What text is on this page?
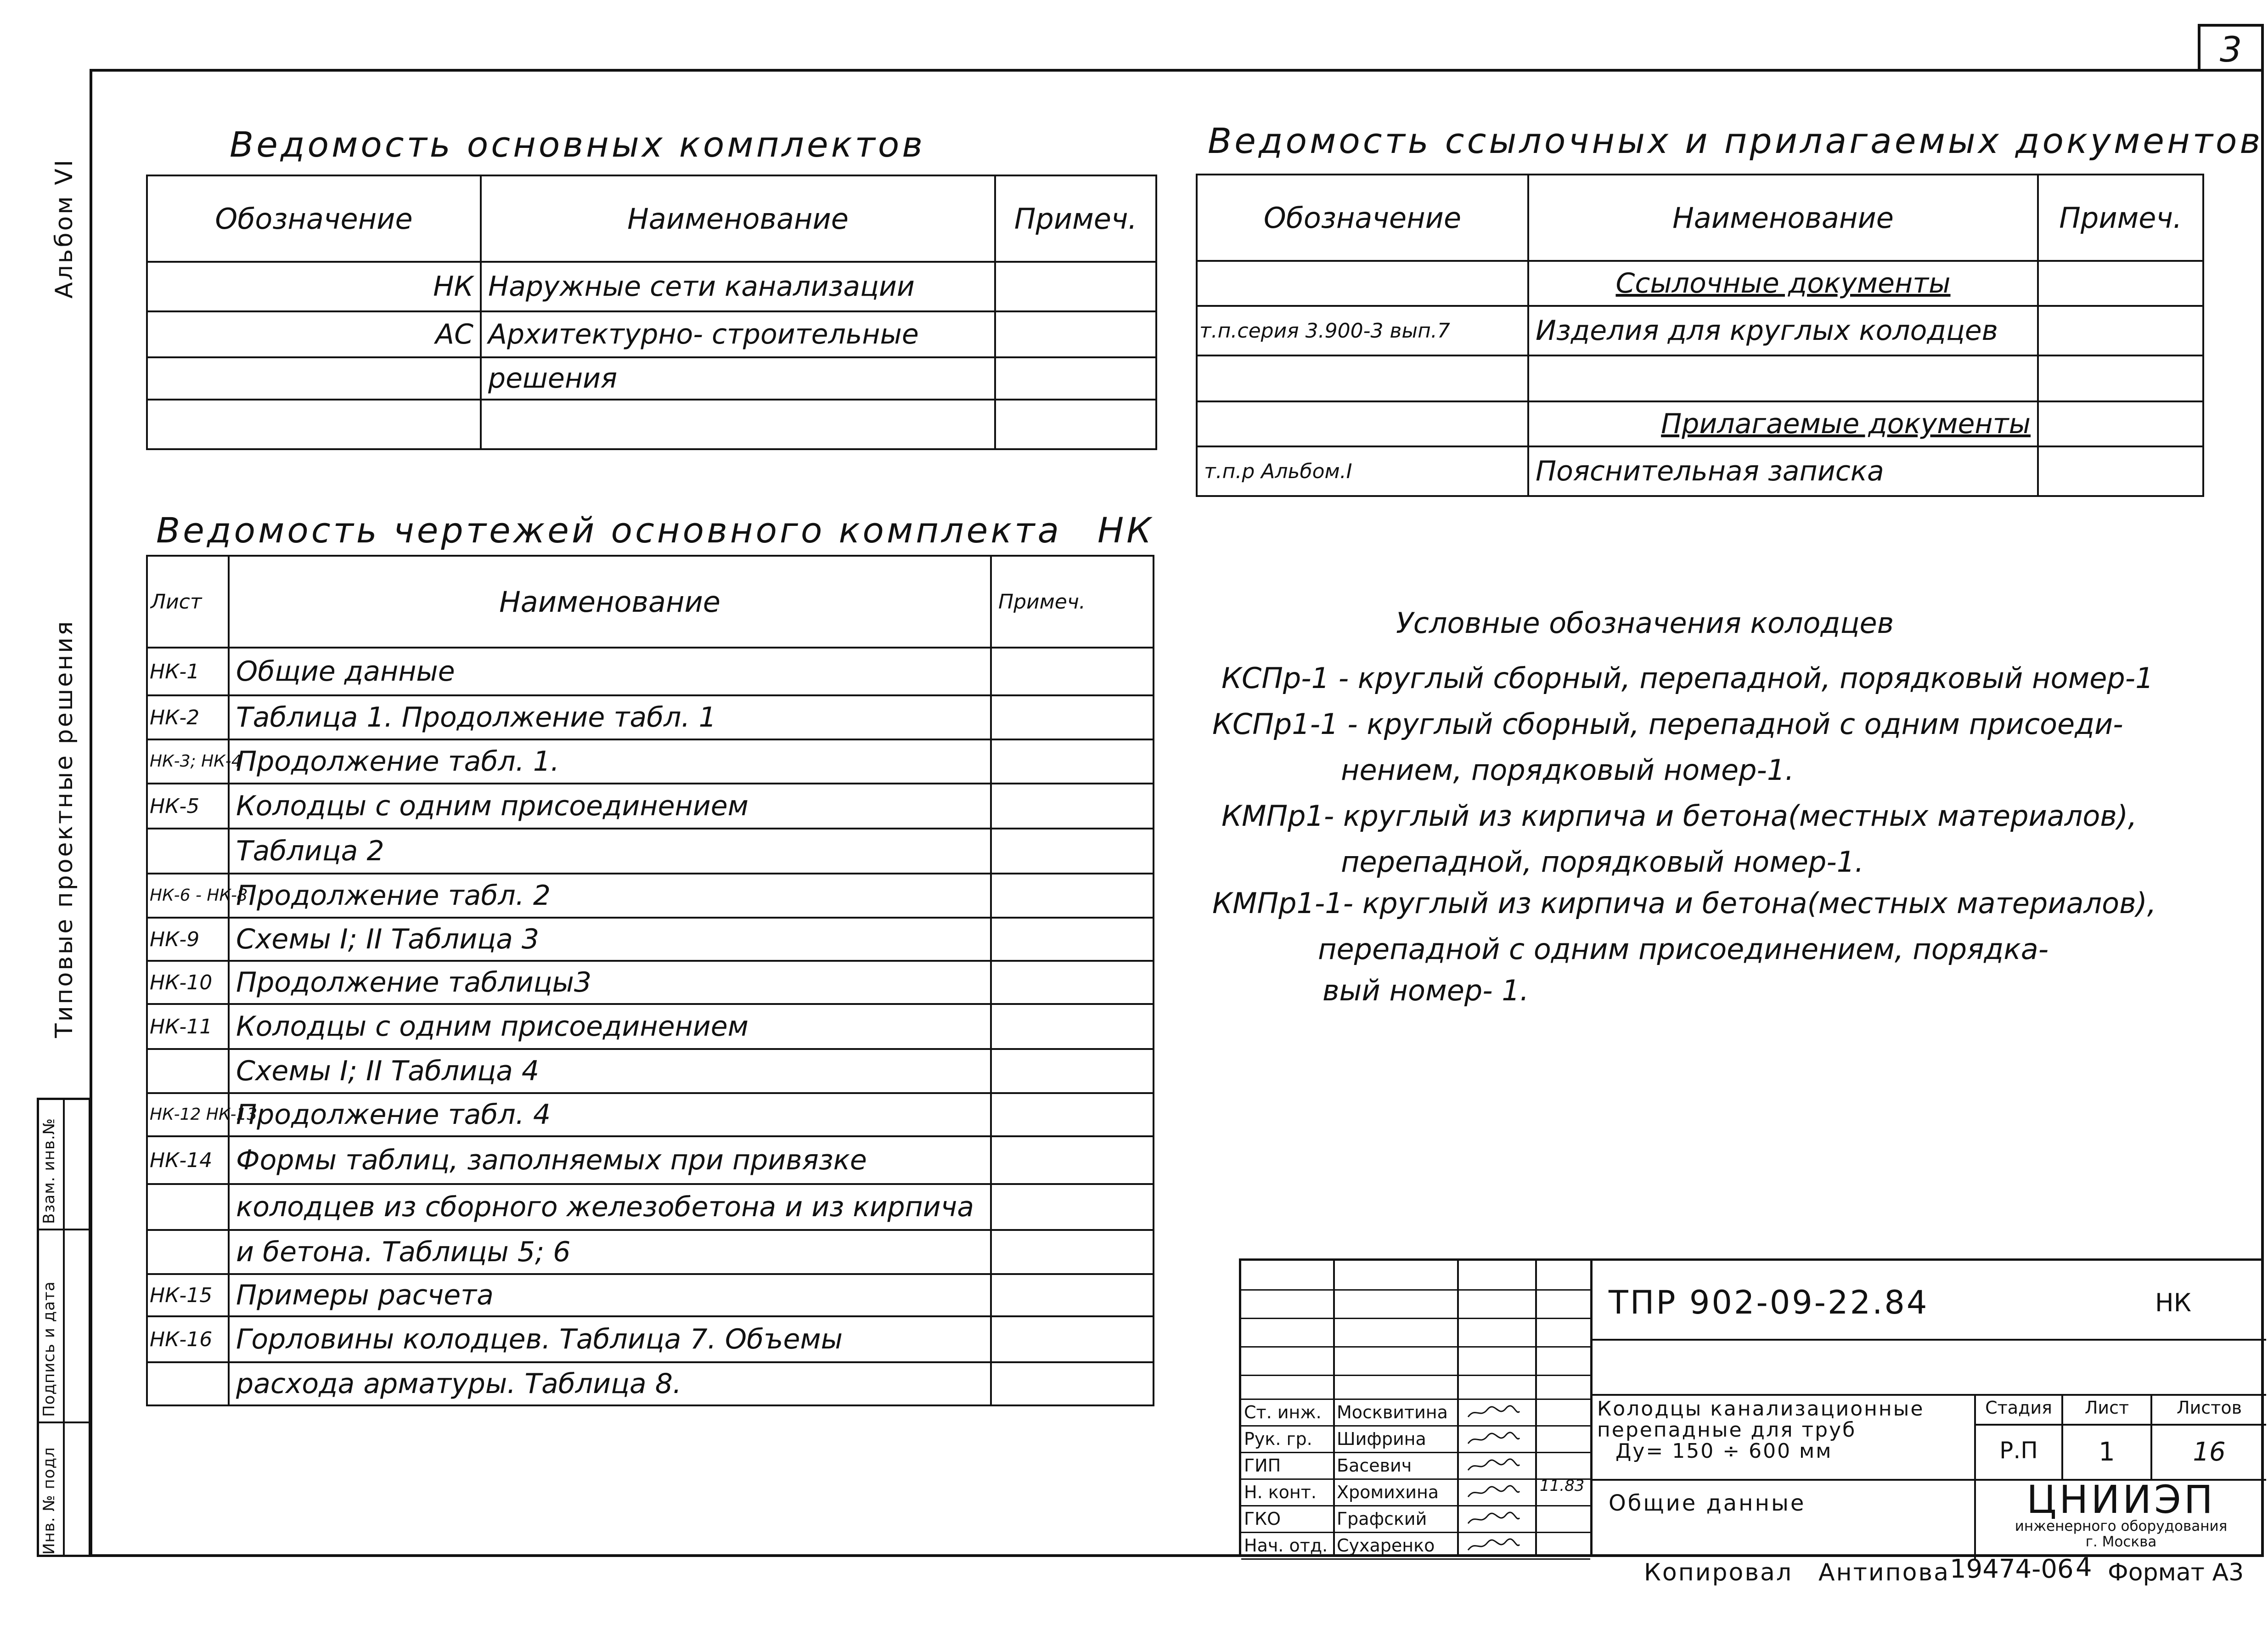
3
Альбом VI
Типовые проектные решения
Инв. № подл
Подпись и дата
Взам. инв.№
Ведомость основных комплектов
Обозначение	Наименование	Примеч.
НК	Наружные сети канализации	
АС	Архитектурно- строительные	
	решения	

Ведомость ссылочных и прилагаемых документов
Обозначение	Наименование	Примеч.
	Ссылочные документы	
т.п.серия 3.900-3 вып.7	Изделия для круглых колодцев	

	Прилагаемые документы	
т.п.р Альбом.I	Пояснительная записка	
Ведомость чертежей основного комплекта НК
Лист	Наименование	Примеч.
НК-1	Общие данные	
НК-2	Таблица 1. Продолжение табл. 1	
НК-3; НК-4	Продолжение табл. 1.	
НК-5	Колодцы с одним присоединением	
	Таблица 2	
НК-6 - НК-8	Продолжение табл. 2	
НК-9	Схемы I; II Таблица 3	
НК-10	Продолжение таблицы3	
НК-11	Колодцы с одним присоединением	
	Схемы I; II Таблица 4	
НК-12 НК-13	Продолжение табл. 4	
НК-14	Формы таблиц, заполняемых при привязке	
	колодцев из сборного железобетона и из кирпича	
	и бетона. Таблицы 5; 6	
НК-15	Примеры расчета	
НК-16	Горловины колодцев. Таблица 7. Объемы	
	расхода арматуры. Таблица 8.	
Условные обозначения колодцев
КСПр-1 - круглый сборный, перепадной, порядковый номер-1
КСПр1-1 - круглый сборный, перепадной с одним присоеди-
нением, порядковый номер-1.
КМПр1- круглый из кирпича и бетона(местных материалов),
перепадной, порядковый номер-1.
КМПр1-1- круглый из кирпича и бетона(местных материалов),
перепадной с одним присоединением, порядка-
вый номер- 1.
Ст. инж. Москвитина
Рук. гр. Шифрина
ГИП	Басевич
Н. конт. Хромихина
ГКО	Графский
Нач. отд. Сухаренко
ТПР 902-09-22.84	НК
Колодцы канализационные
перепадные для труб
Ду= 150 ÷ 600 мм
Общие данные
Стадия	Лист	Листов
Р.П	1	16
ЦНИИЭП
инженерного оборудования
г. Москва
11.83
Копировал Антипова 19474-06 4 Формат А3
